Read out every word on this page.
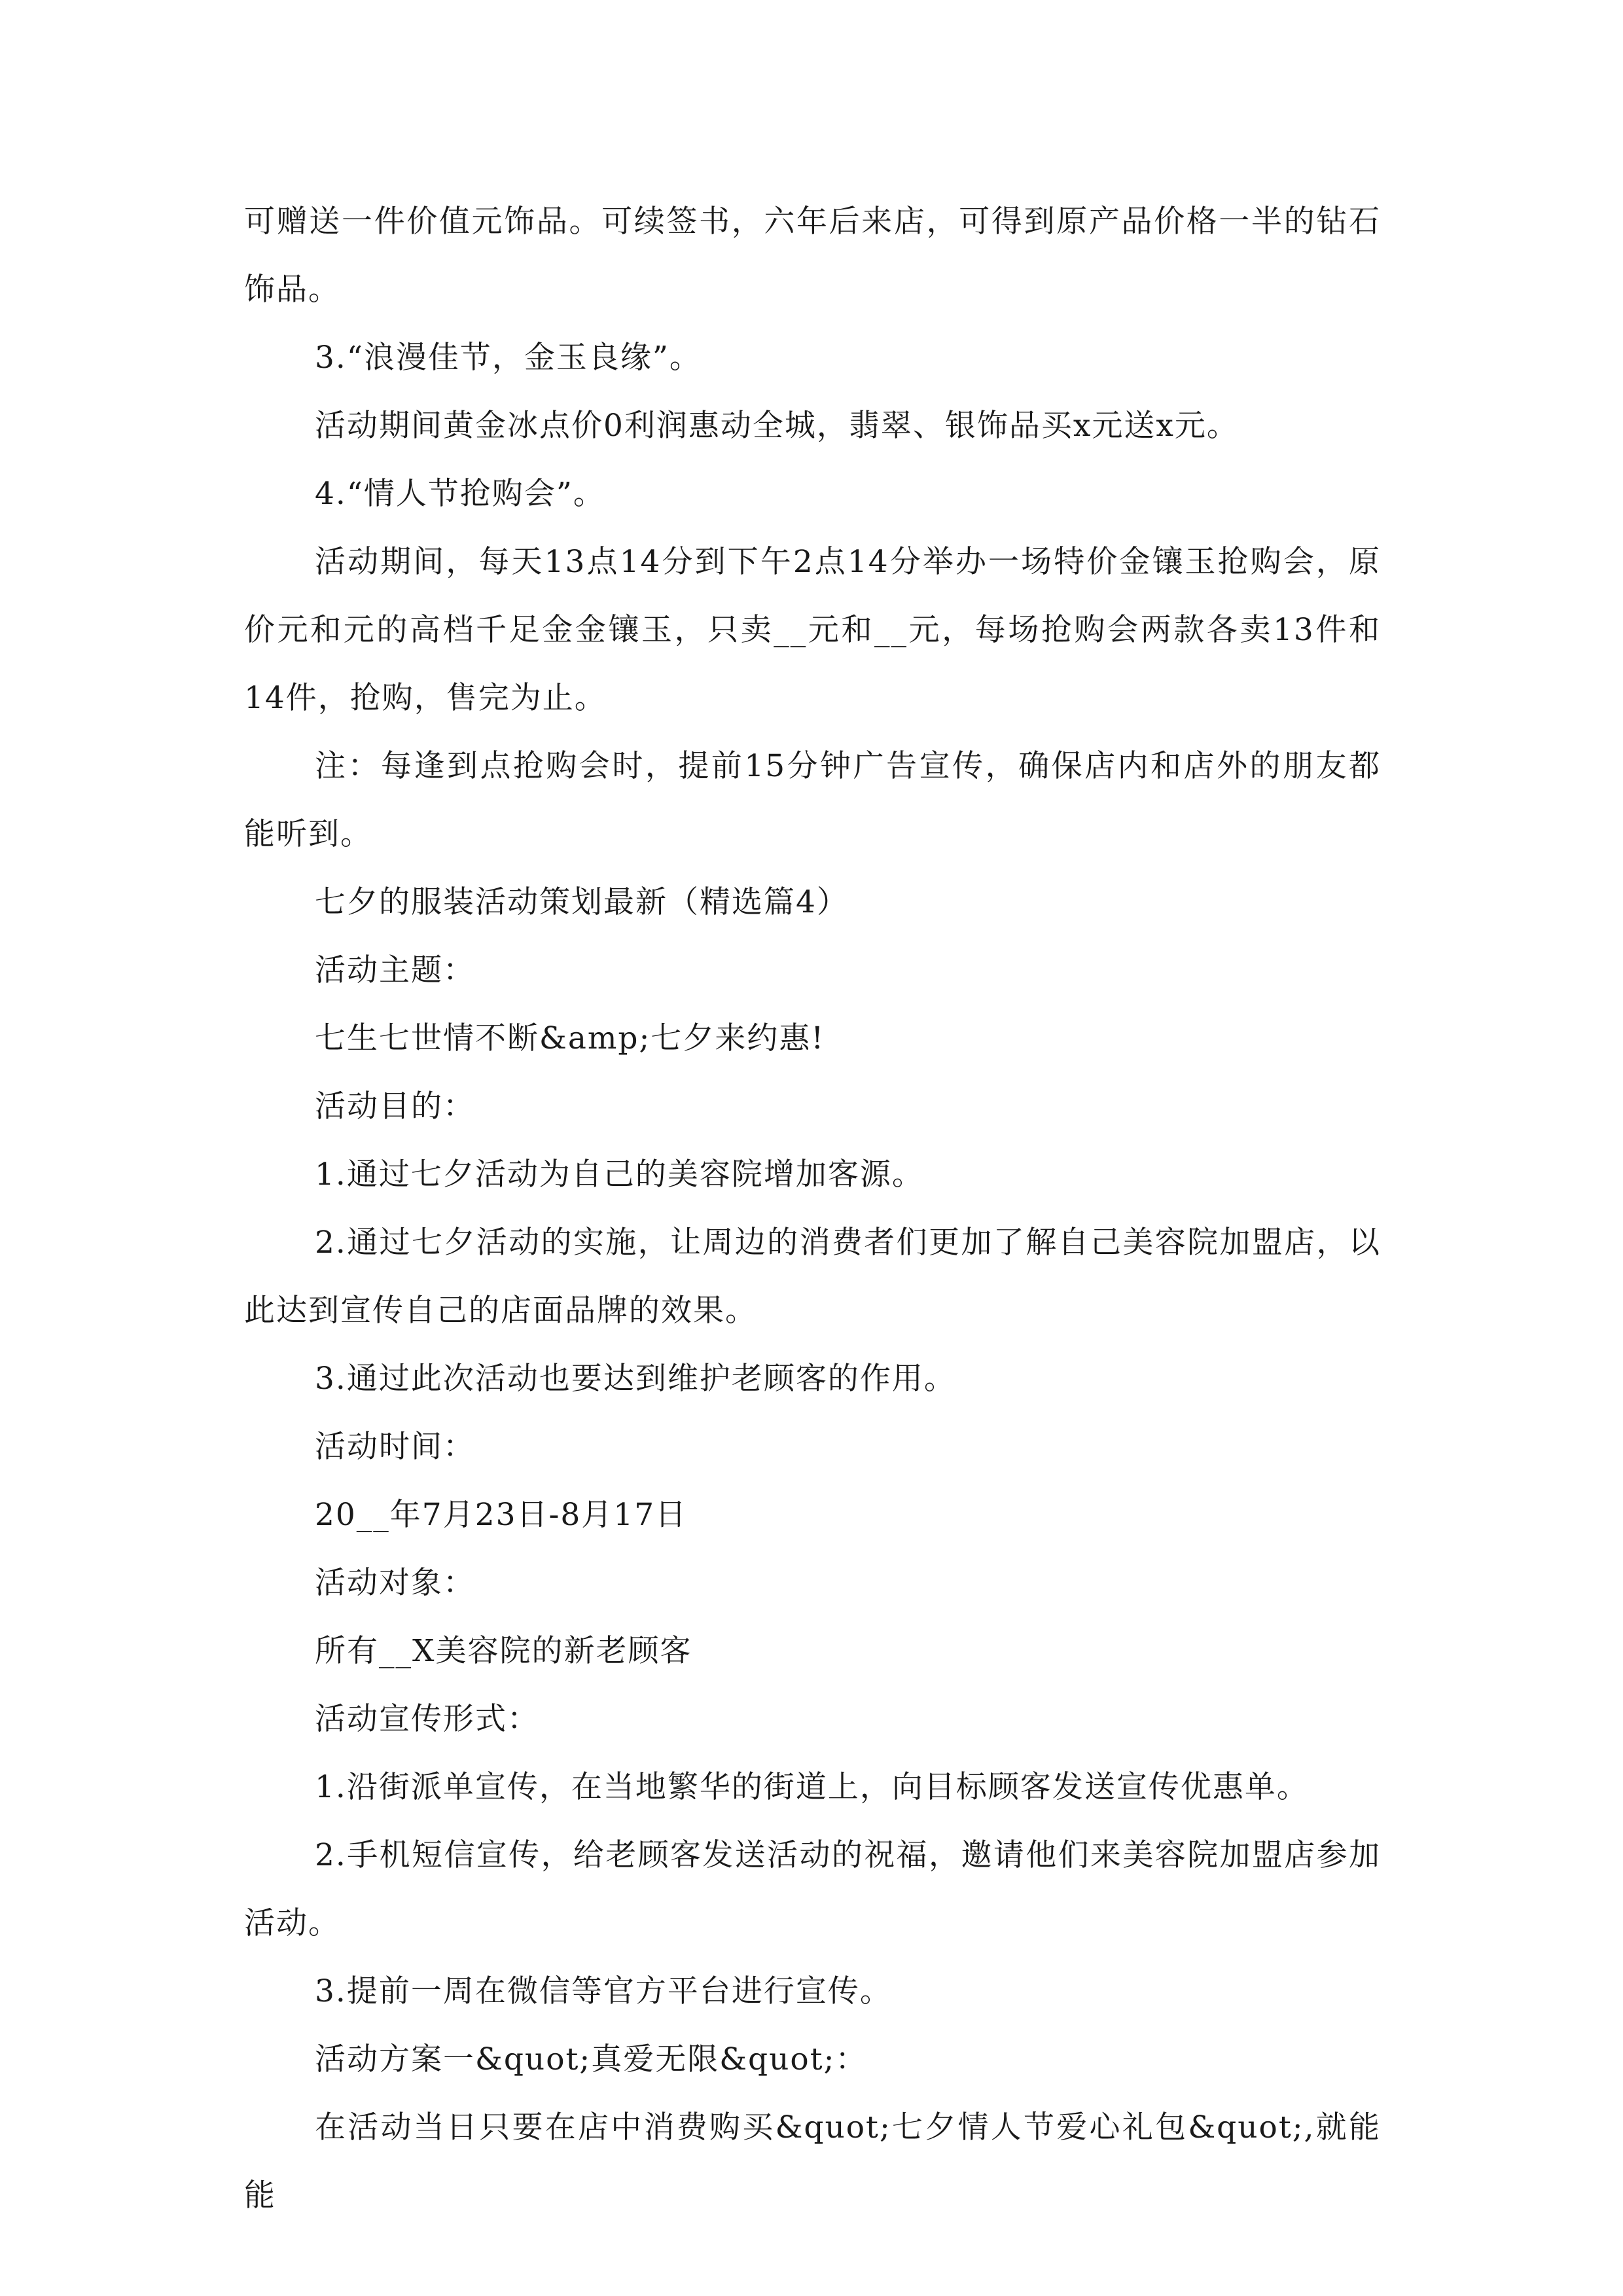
可赠送一件价值元饰品。可续签书，六年后来店，可得到原产品价格一半的钻石饰品。

3.“浪漫佳节，金玉良缘”。

活动期间黄金冰点价0利润惠动全城，翡翠、银饰品买x元送x元。

4.“情人节抢购会”。

活动期间，每天13点14分到下午2点14分举办一场特价金镶玉抢购会，原价元和元的高档千足金金镶玉，只卖__元和__元，每场抢购会两款各卖13件和14件，抢购，售完为止。

注：每逢到点抢购会时，提前15分钟广告宣传，确保店内和店外的朋友都能听到。

七夕的服装活动策划最新（精选篇4）

活动主题：

七生七世情不断&amp;七夕来约惠!

活动目的：

1.通过七夕活动为自己的美容院增加客源。

2.通过七夕活动的实施，让周边的消费者们更加了解自己美容院加盟店，以此达到宣传自己的店面品牌的效果。

3.通过此次活动也要达到维护老顾客的作用。

活动时间：

20__年7月23日-8月17日

活动对象：

所有__X美容院的新老顾客

活动宣传形式：

1.沿街派单宣传，在当地繁华的街道上，向目标顾客发送宣传优惠单。

2.手机短信宣传，给老顾客发送活动的祝福，邀请他们来美容院加盟店参加活动。

3.提前一周在微信等官方平台进行宣传。

活动方案一&quot;真爱无限&quot;：

在活动当日只要在店中消费购买&quot;七夕情人节爱心礼包&quot;,就能能
